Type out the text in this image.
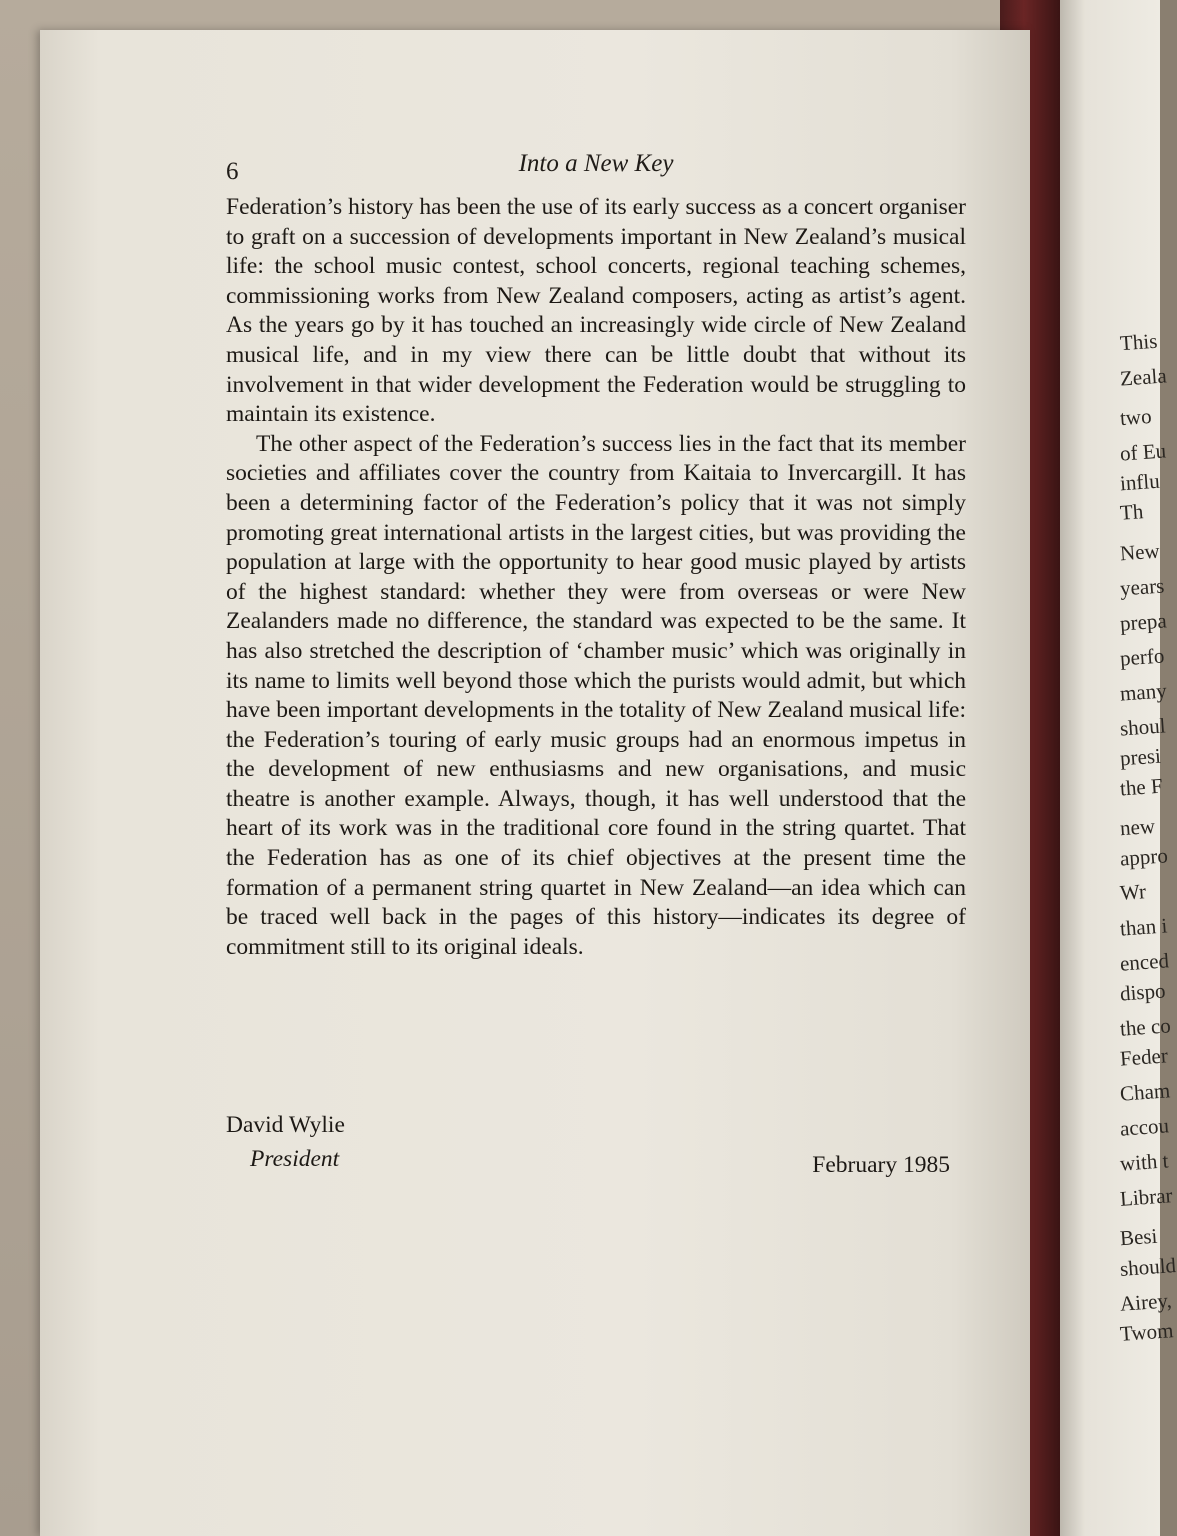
This
Zeala
two
of Eu
influ
Th
New
years
prepa
perfo
many
shoul
presi
the F
new
appro
Wr
than i
enced
dispo
the co
Feder
Cham
accou
with t
Librar
Besi
should
Airey,
Twom
6	Into a New Key

Federation’s history has been the use of its early success as a concert organiser to graft on a succession of developments important in New Zealand’s musical life: the school music contest, school concerts, regional teaching schemes, commissioning works from New Zealand composers, acting as artist’s agent. As the years go by it has touched an increasingly wide circle of New Zealand musical life, and in my view there can be little doubt that without its involvement in that wider development the Federation would be struggling to maintain its existence.

The other aspect of the Federation’s success lies in the fact that its member societies and affiliates cover the country from Kaitaia to Invercargill. It has been a determining factor of the Federation’s policy that it was not simply promoting great international artists in the largest cities, but was providing the population at large with the opportunity to hear good music played by artists of the highest standard: whether they were from overseas or were New Zealanders made no difference, the standard was expected to be the same. It has also stretched the description of ‘chamber music’ which was originally in its name to limits well beyond those which the purists would admit, but which have been important developments in the totality of New Zealand musical life: the Federation’s touring of early music groups had an enormous impetus in the development of new enthusiasms and new organisations, and music theatre is another example. Always, though, it has well understood that the heart of its work was in the traditional core found in the string quartet. That the Federation has as one of its chief objectives at the present time the formation of a permanent string quartet in New Zealand—an idea which can be traced well back in the pages of this history—indicates its degree of commitment still to its original ideals.

David Wylie
President	February 1985
